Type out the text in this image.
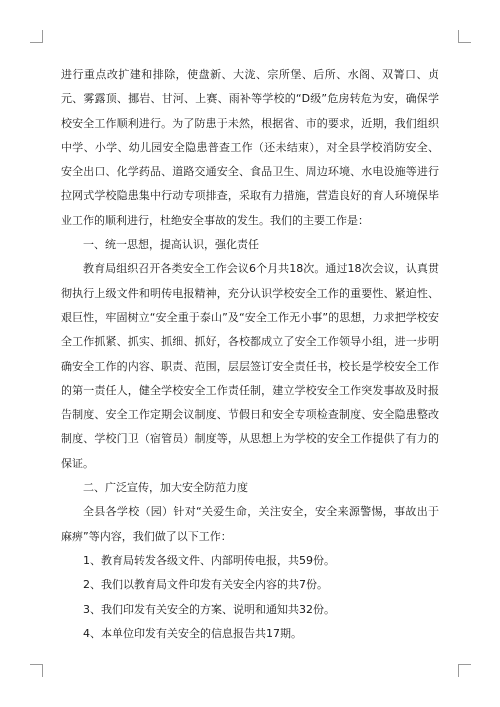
进行重点改扩建和排除，使盘新、大泷、宗所堡、后所、水阁、双箐口、贞元、雾露顶、挪岩、甘河、上赛、雨补等学校的“D级”危房转危为安，确保学校安全工作顺利进行。为了防患于未然，根据省、市的要求，近期，我们组织中学、小学、幼儿园安全隐患普查工作（还未结束），对全县学校消防安全、安全出口、化学药品、道路交通安全、食品卫生、周边环境、水电设施等进行拉网式学校隐患集中行动专项排查，采取有力措施，营造良好的育人环境保毕业工作的顺利进行，杜绝安全事故的发生。我们的主要工作是：

一、统一思想，提高认识，强化责任

教育局组织召开各类安全工作会议6个月共18次。通过18次会议，认真贯彻执行上级文件和明传电报精神，充分认识学校安全工作的重要性、紧迫性、艰巨性，牢固树立“安全重于泰山”及“安全工作无小事”的思想，力求把学校安全工作抓紧、抓实、抓细、抓好，各校都成立了安全工作领导小组，进一步明确安全工作的内容、职责、范围，层层签订安全责任书，校长是学校安全工作的第一责任人，健全学校安全工作责任制，建立学校安全工作突发事故及时报告制度、安全工作定期会议制度、节假日和安全专项检查制度、安全隐患整改制度、学校门卫（宿管员）制度等，从思想上为学校的安全工作提供了有力的保证。

二、广泛宣传，加大安全防范力度

全县各学校（园）针对“关爱生命，关注安全，安全来源警惕，事故出于麻痹”等内容，我们做了以下工作：

1、教育局转发各级文件、内部明传电报，共59份。

2、我们以教育局文件印发有关安全内容的共7份。

3、我们印发有关安全的方案、说明和通知共32份。

4、本单位印发有关安全的信息报告共17期。
